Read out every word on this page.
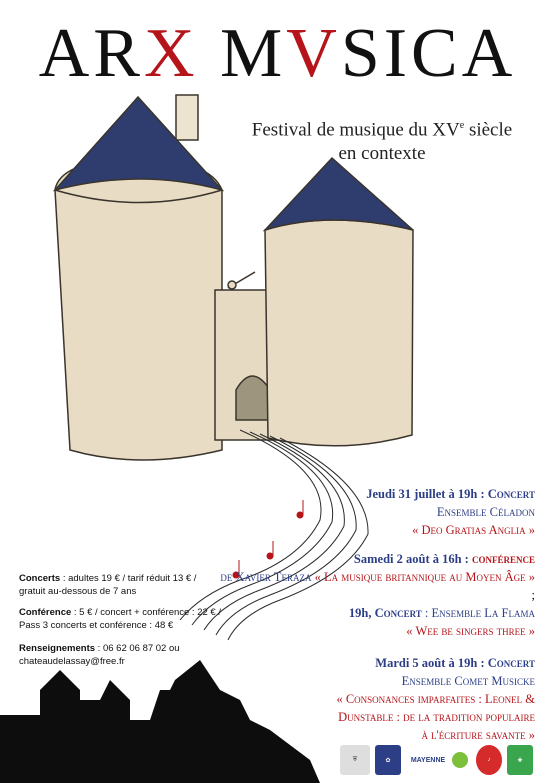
ARX MVSICA
Festival de musique du XVe siècle
en contexte
Jeudi 31 juillet à 19h : Concert
Ensemble Céladon
« Deo Gratias Anglia »
Samedi 2 août à 16h : conférence
de Xavier Teraza « La musique britannique au Moyen Âge » ;
19h, Concert : Ensemble La Flama
« Wee be singers three »
Mardi 5 août à 19h : Concert
Ensemble Comet Musicke
« Consonances imparfaites : Leonel &
Dunstable : de la tradition populaire
à l'écriture savante »
Concerts : adultes 19 € / tarif réduit 13 € /
gratuit au-dessous de 7 ans
Conférence : 5 € / concert + conférence : 22 € /
Pass 3 concerts et conférence : 48 €
Renseignements : 06 62 06 87 02 ou
chateaudelassay@free.fr
⛨	✿	MAYENNE	♪	✚
